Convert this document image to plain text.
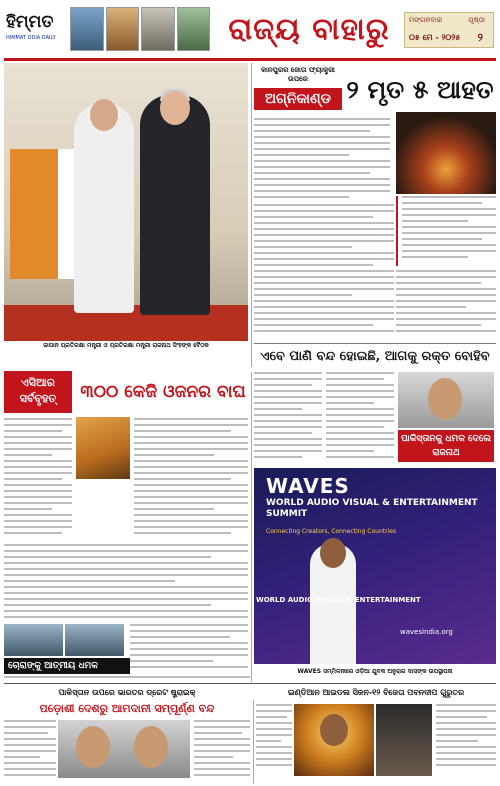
ହିମ୍ମତ
HIMMAT ODIA DAILY	ରାଜ୍ୟ ବାହାରୁ	ମଙ୍ଗଳବାର	ପୃଷ୍ଠା
୦୫ ମେ - ୨୦୨୫ ୨
ଜାପାନ ପ୍ରତିରକ୍ଷା ମନ୍ତ୍ରୀ ଓ ପ୍ରତିରକ୍ଷା ମନ୍ତ୍ରୀ ରାଜନାଥ ସିଂହଙ୍କ ବୈଠକ
କାନପୁରର ଜୋତା ଫ୍ୟାକ୍ଟ୍ରୀ ଉପରେ
ଅଗ୍ନିକାଣ୍ଡ ୨ ମୃତ ୫ ଆହତ
ଏବେ ପାଣି ବନ୍ଦ ହୋଇଛି, ଆଗକୁ ରକ୍ତ ବୋହିବ
ପାକିସ୍ତାନକୁ ଧମକ ଦେଲେ ରାଜନାଥ
ଏସିଆର ସର୍ବବୃହତ୍	୩୦୦ କେଜି ଓଜନର ବାଘ
WAVES
WORLD AUDIO VISUAL & ENTERTAINMENT SUMMIT
Connecting Creators, Connecting Countries
WORLD AUDIO VISUAL & ENTERTAINMENT
wavesindia.org
WAVES ସମ୍ମିଳନୀରେ ଓଡ଼ିଆ ଯୁବକ ଅନୁରାଗ ଦାସଙ୍କ ଉପସ୍ଥାପନା
ଚୋରାଙ୍କୁ ଆତ୍ମୀୟ ଧମକ
ପାକିସ୍ତାନ ଉପରେ ଭାରତର ଡ୍ରେଟ ଷ୍ଟ୍ରାଇକ୍	ଇଣ୍ଡିଆନ ଆଇଡଲ ସିଜନ-୧୨ ବିଜେତା ପବନଦୀପ ଗୁରୁତର
ପଡ଼ୋଶୀ ଦେଶରୁ ଆମଦାନୀ ସମ୍ପୂର୍ଣ୍ଣ ବନ୍ଦ
